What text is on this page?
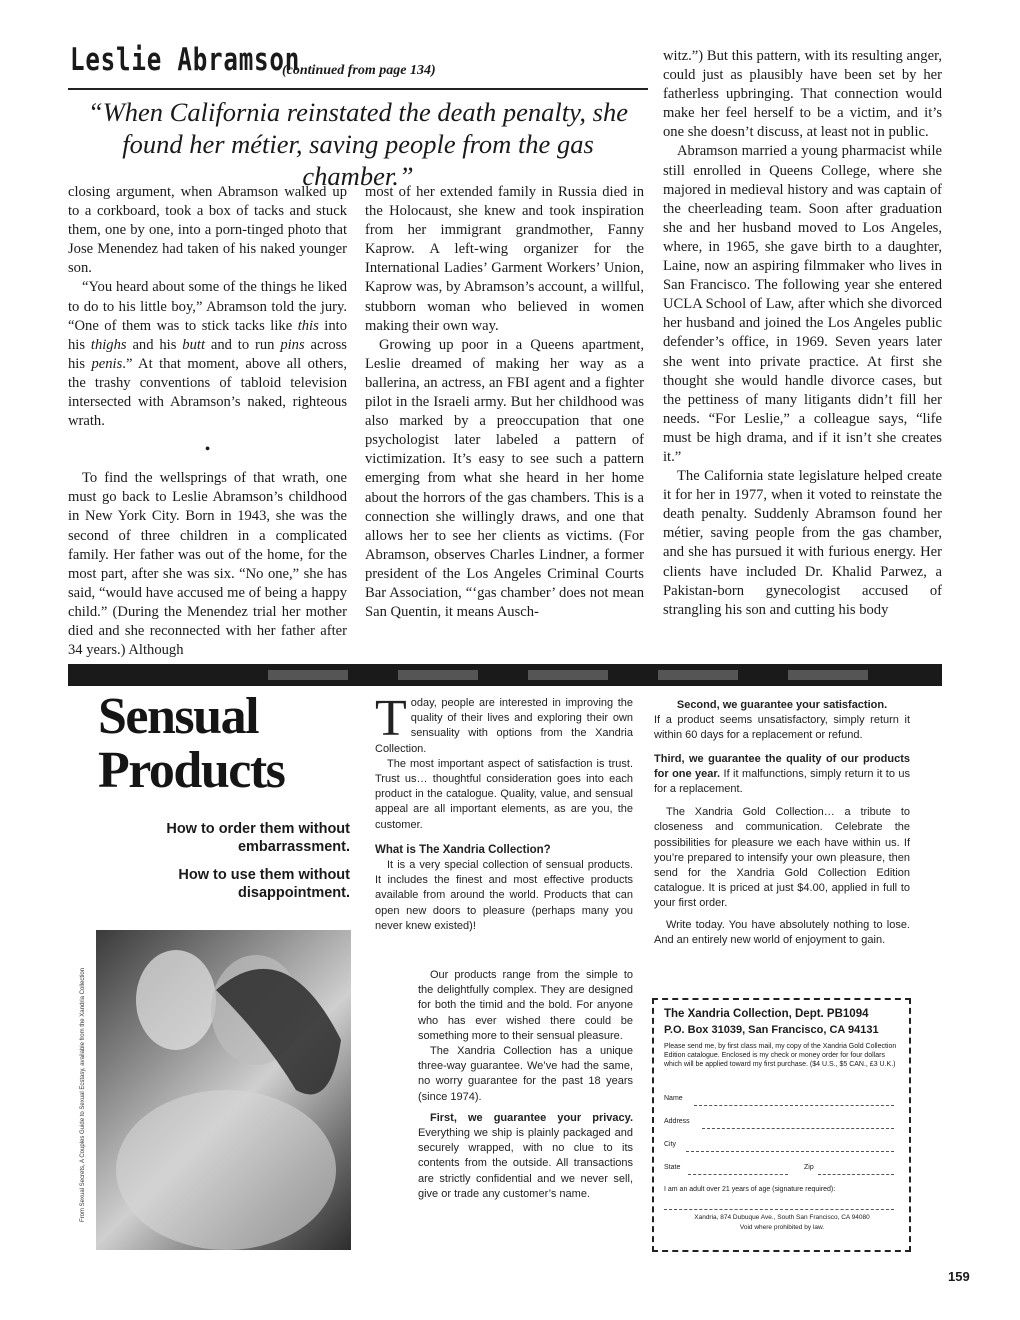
Leslie Abramson
(continued from page 134)
“When California reinstated the death penalty, she found her métier, saving people from the gas chamber.”

closing argument, when Abramson walked up to a corkboard, took a box of tacks and stuck them, one by one, into a porn-tinged photo that Jose Menendez had taken of his naked younger son.

“You heard about some of the things he liked to do to his little boy,” Abramson told the jury. “One of them was to stick tacks like this into his thighs and his butt and to run pins across his penis.” At that moment, above all others, the trashy conventions of tabloid television intersected with Abramson’s naked, righteous wrath.

•

To find the wellsprings of that wrath, one must go back to Leslie Abramson’s childhood in New York City. Born in 1943, she was the second of three children in a complicated family. Her father was out of the home, for the most part, after she was six. “No one,” she has said, “would have accused me of being a happy child.” (During the Menendez trial her mother died and she reconnected with her father after 34 years.) Although

most of her extended family in Russia died in the Holocaust, she knew and took inspiration from her immigrant grandmother, Fanny Kaprow. A left-wing organizer for the International Ladies’ Garment Workers’ Union, Kaprow was, by Abramson’s account, a willful, stubborn woman who believed in women making their own way.

Growing up poor in a Queens apartment, Leslie dreamed of making her way as a ballerina, an actress, an FBI agent and a fighter pilot in the Israeli army. But her childhood was also marked by a preoccupation that one psychologist later labeled a pattern of victimization. It’s easy to see such a pattern emerging from what she heard in her home about the horrors of the gas chambers. This is a connection she willingly draws, and one that allows her to see her clients as victims. (For Abramson, observes Charles Lindner, a former president of the Los Angeles Criminal Courts Bar Association, “‘gas chamber’ does not mean San Quentin, it means Ausch-

witz.”) But this pattern, with its resulting anger, could just as plausibly have been set by her fatherless upbringing. That connection would make her feel herself to be a victim, and it’s one she doesn’t discuss, at least not in public.

Abramson married a young pharmacist while still enrolled in Queens College, where she majored in medieval history and was captain of the cheerleading team. Soon after graduation she and her husband moved to Los Angeles, where, in 1965, she gave birth to a daughter, Laine, now an aspiring filmmaker who lives in San Francisco. The following year she entered UCLA School of Law, after which she divorced her husband and joined the Los Angeles public defender’s office, in 1969. Seven years later she went into private practice. At first she thought she would handle divorce cases, but the pettiness of many litigants didn’t fill her needs. “For Leslie,” a colleague says, “life must be high drama, and if it isn’t she creates it.”

The California state legislature helped create it for her in 1977, when it voted to reinstate the death penalty. Suddenly Abramson found her métier, saving people from the gas chamber, and she has pursued it with furious energy. Her clients have included Dr. Khalid Parwez, a Pakistan-born gynecologist accused of strangling his son and cutting his body

Sensual
Products
How to order them without embarrassment.
How to use them without disappointment.
From Sexual Secrets, A Couples Guide to Sexual Ecstasy, available from the Xandria Collection
T oday, people are interested in improving the quality of their lives and exploring their own sensuality with options from the Xandria Collection.

The most important aspect of satisfaction is trust. Trust us… thoughtful consideration goes into each product in the catalogue. Quality, value, and sensual appeal are all important elements, as are you, the customer.

What is The Xandria Collection?

It is a very special collection of sensual products. It includes the finest and most effective products available from around the world. Products that can open new doors to pleasure (perhaps many you never knew existed)!

Our products range from the simple to the delightfully complex. They are designed for both the timid and the bold. For anyone who has ever wished there could be something more to their sensual pleasure.

The Xandria Collection has a unique three-way guarantee. We’ve had the same, no worry guarantee for the past 18 years (since 1974).

First, we guarantee your privacy. Everything we ship is plainly packaged and securely wrapped, with no clue to its contents from the outside. All transactions are strictly confidential and we never sell, give or trade any customer’s name.

Second, we guarantee your satisfaction.

If a product seems unsatisfactory, simply return it within 60 days for a replacement or refund.

Third, we guarantee the quality of our products for one year. If it malfunctions, simply return it to us for a replacement.

The Xandria Gold Collection… a tribute to closeness and communication. Celebrate the possibilities for pleasure we each have within us. If you’re prepared to intensify your own pleasure, then send for the Xandria Gold Collection Edition catalogue. It is priced at just $4.00, applied in full to your first order.

Write today. You have absolutely nothing to lose. And an entirely new world of enjoyment to gain.

The Xandria Collection, Dept. PB1094
P.O. Box 31039, San Francisco, CA 94131
Please send me, by first class mail, my copy of the Xandria Gold Collection Edition catalogue. Enclosed is my check or money order for four dollars which will be applied toward my first purchase. ($4 U.S., $5 CAN., £3 U.K.)
Name
Address
City
State	Zip
I am an adult over 21 years of age (signature required):
Xandria, 874 Dubuque Ave., South San Francisco, CA 94080
Void where prohibited by law.
159
